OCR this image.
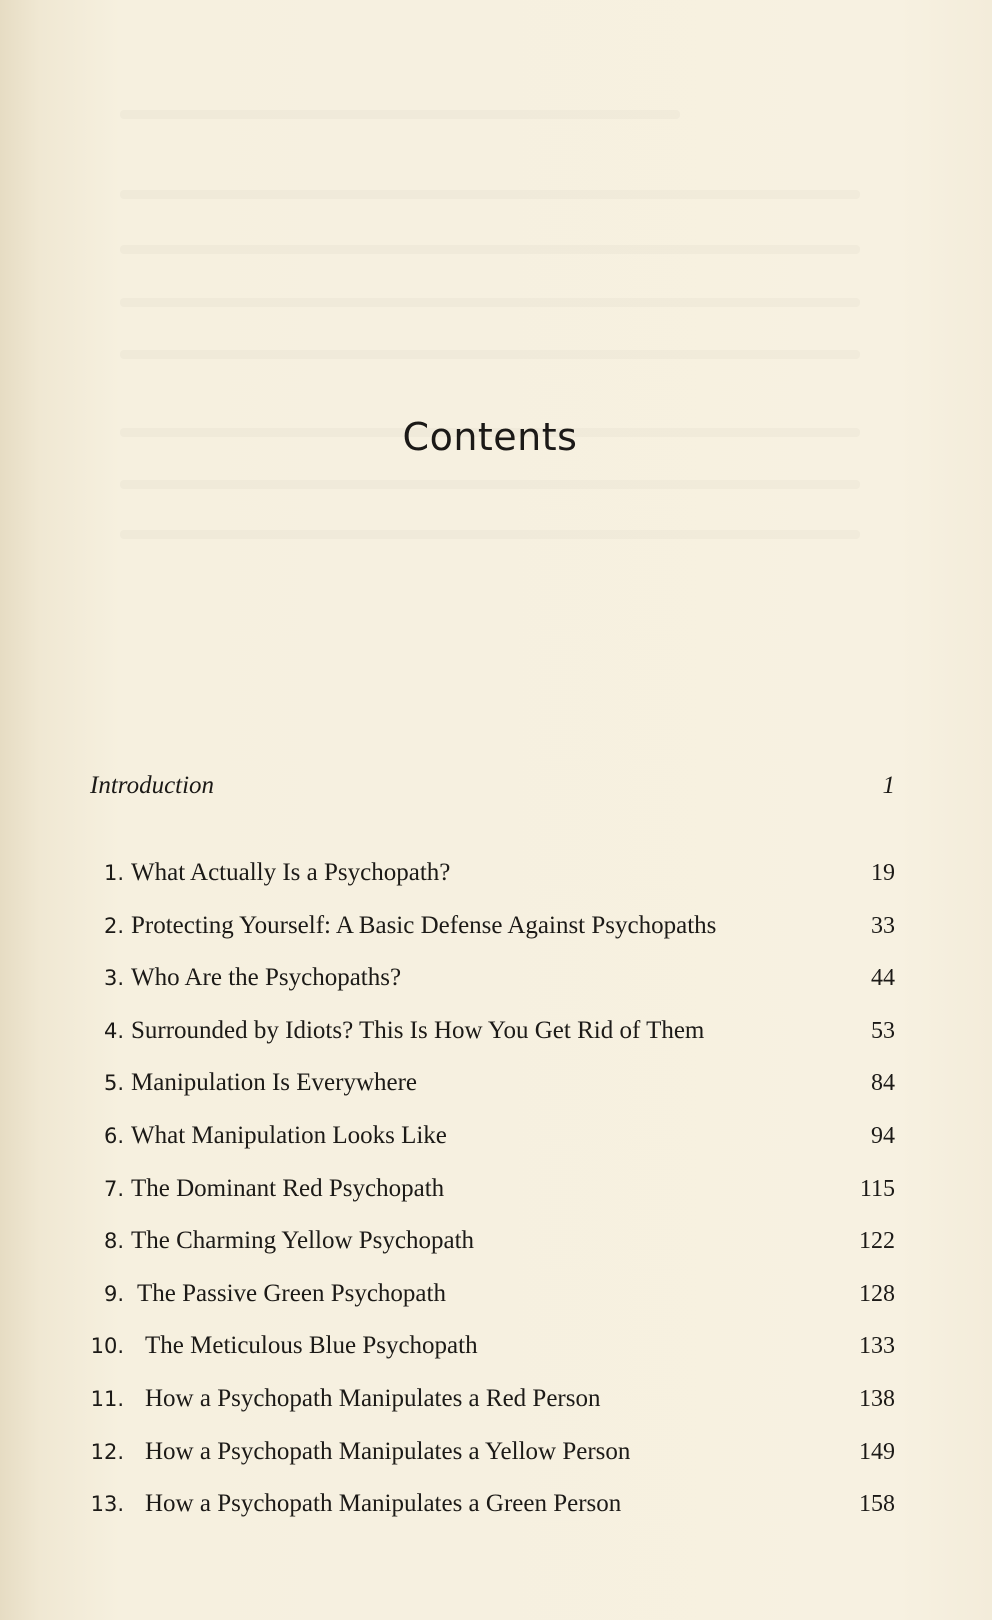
Contents
Introduction	1
1. What Actually Is a Psychopath?	19
2. Protecting Yourself: A Basic Defense Against Psychopaths	33
3. Who Are the Psychopaths?	44
4. Surrounded by Idiots? This Is How You Get Rid of Them	53
5. Manipulation Is Everywhere	84
6. What Manipulation Looks Like	94
7. The Dominant Red Psychopath	115
8. The Charming Yellow Psychopath	122
9. The Passive Green Psychopath	128
10. The Meticulous Blue Psychopath	133
11. How a Psychopath Manipulates a Red Person	138
12. How a Psychopath Manipulates a Yellow Person	149
13. How a Psychopath Manipulates a Green Person	158
